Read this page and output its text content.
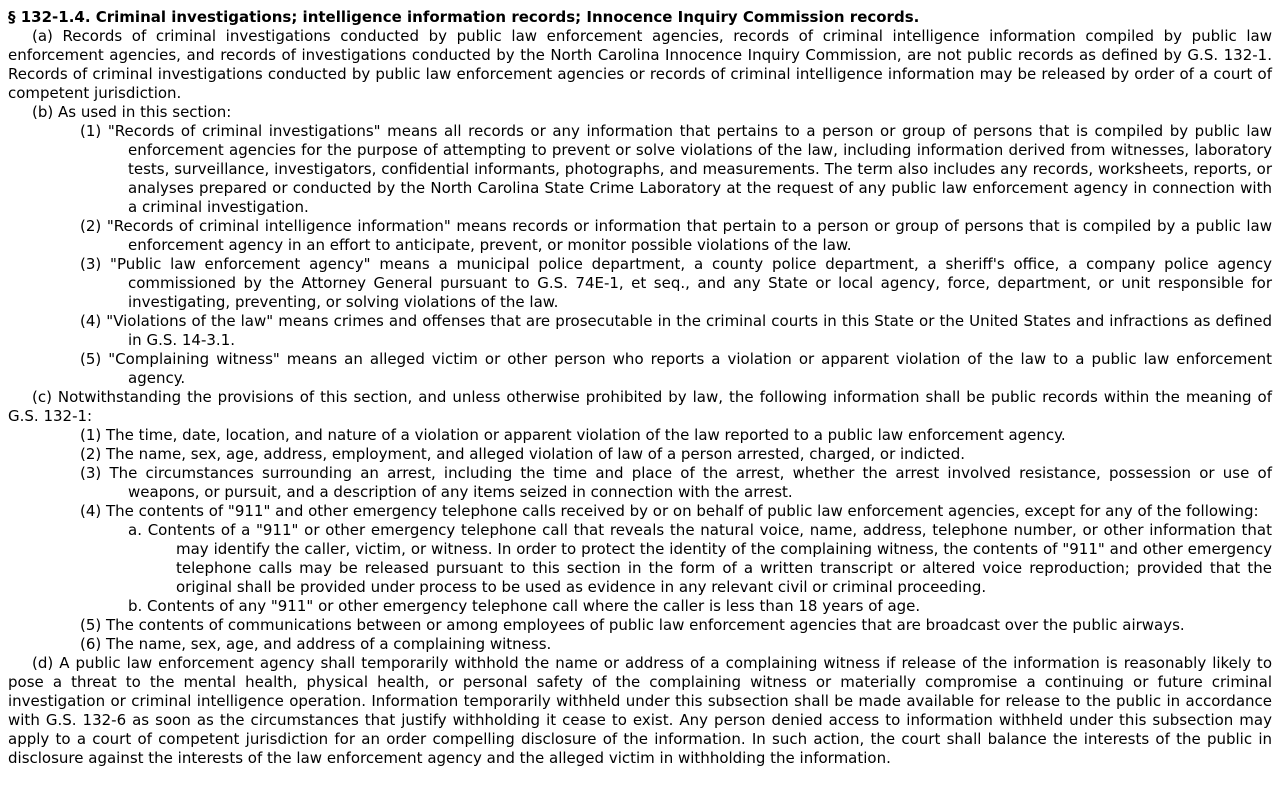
§ 132-1.4. Criminal investigations; intelligence information records; Innocence Inquiry Commission records.

(a) Records of criminal investigations conducted by public law enforcement agencies, records of criminal intelligence information compiled by public law enforcement agencies, and records of investigations conducted by the North Carolina Innocence Inquiry Commission, are not public records as defined by G.S. 132-1. Records of criminal investigations conducted by public law enforcement agencies or records of criminal intelligence information may be released by order of a court of competent jurisdiction.

(b) As used in this section:

(1) "Records of criminal investigations" means all records or any information that pertains to a person or group of persons that is compiled by public law enforcement agencies for the purpose of attempting to prevent or solve violations of the law, including information derived from witnesses, laboratory tests, surveillance, investigators, confidential informants, photographs, and measurements. The term also includes any records, worksheets, reports, or analyses prepared or conducted by the North Carolina State Crime Laboratory at the request of any public law enforcement agency in connection with a criminal investigation.

(2) "Records of criminal intelligence information" means records or information that pertain to a person or group of persons that is compiled by a public law enforcement agency in an effort to anticipate, prevent, or monitor possible violations of the law.

(3) "Public law enforcement agency" means a municipal police department, a county police department, a sheriff's office, a company police agency commissioned by the Attorney General pursuant to G.S. 74E-1, et seq., and any State or local agency, force, department, or unit responsible for investigating, preventing, or solving violations of the law.

(4) "Violations of the law" means crimes and offenses that are prosecutable in the criminal courts in this State or the United States and infractions as defined in G.S. 14-3.1.

(5) "Complaining witness" means an alleged victim or other person who reports a violation or apparent violation of the law to a public law enforcement agency.

(c) Notwithstanding the provisions of this section, and unless otherwise prohibited by law, the following information shall be public records within the meaning of G.S. 132-1:

(1) The time, date, location, and nature of a violation or apparent violation of the law reported to a public law enforcement agency.

(2) The name, sex, age, address, employment, and alleged violation of law of a person arrested, charged, or indicted.

(3) The circumstances surrounding an arrest, including the time and place of the arrest, whether the arrest involved resistance, possession or use of weapons, or pursuit, and a description of any items seized in connection with the arrest.

(4) The contents of "911" and other emergency telephone calls received by or on behalf of public law enforcement agencies, except for any of the following:

a. Contents of a "911" or other emergency telephone call that reveals the natural voice, name, address, telephone number, or other information that may identify the caller, victim, or witness. In order to protect the identity of the complaining witness, the contents of "911" and other emergency telephone calls may be released pursuant to this section in the form of a written transcript or altered voice reproduction; provided that the original shall be provided under process to be used as evidence in any relevant civil or criminal proceeding.

b. Contents of any "911" or other emergency telephone call where the caller is less than 18 years of age.

(5) The contents of communications between or among employees of public law enforcement agencies that are broadcast over the public airways.

(6) The name, sex, age, and address of a complaining witness.

(d) A public law enforcement agency shall temporarily withhold the name or address of a complaining witness if release of the information is reasonably likely to pose a threat to the mental health, physical health, or personal safety of the complaining witness or materially compromise a continuing or future criminal investigation or criminal intelligence operation. Information temporarily withheld under this subsection shall be made available for release to the public in accordance with G.S. 132-6 as soon as the circumstances that justify withholding it cease to exist. Any person denied access to information withheld under this subsection may apply to a court of competent jurisdiction for an order compelling disclosure of the information. In such action, the court shall balance the interests of the public in disclosure against the interests of the law enforcement agency and the alleged victim in withholding the information.
